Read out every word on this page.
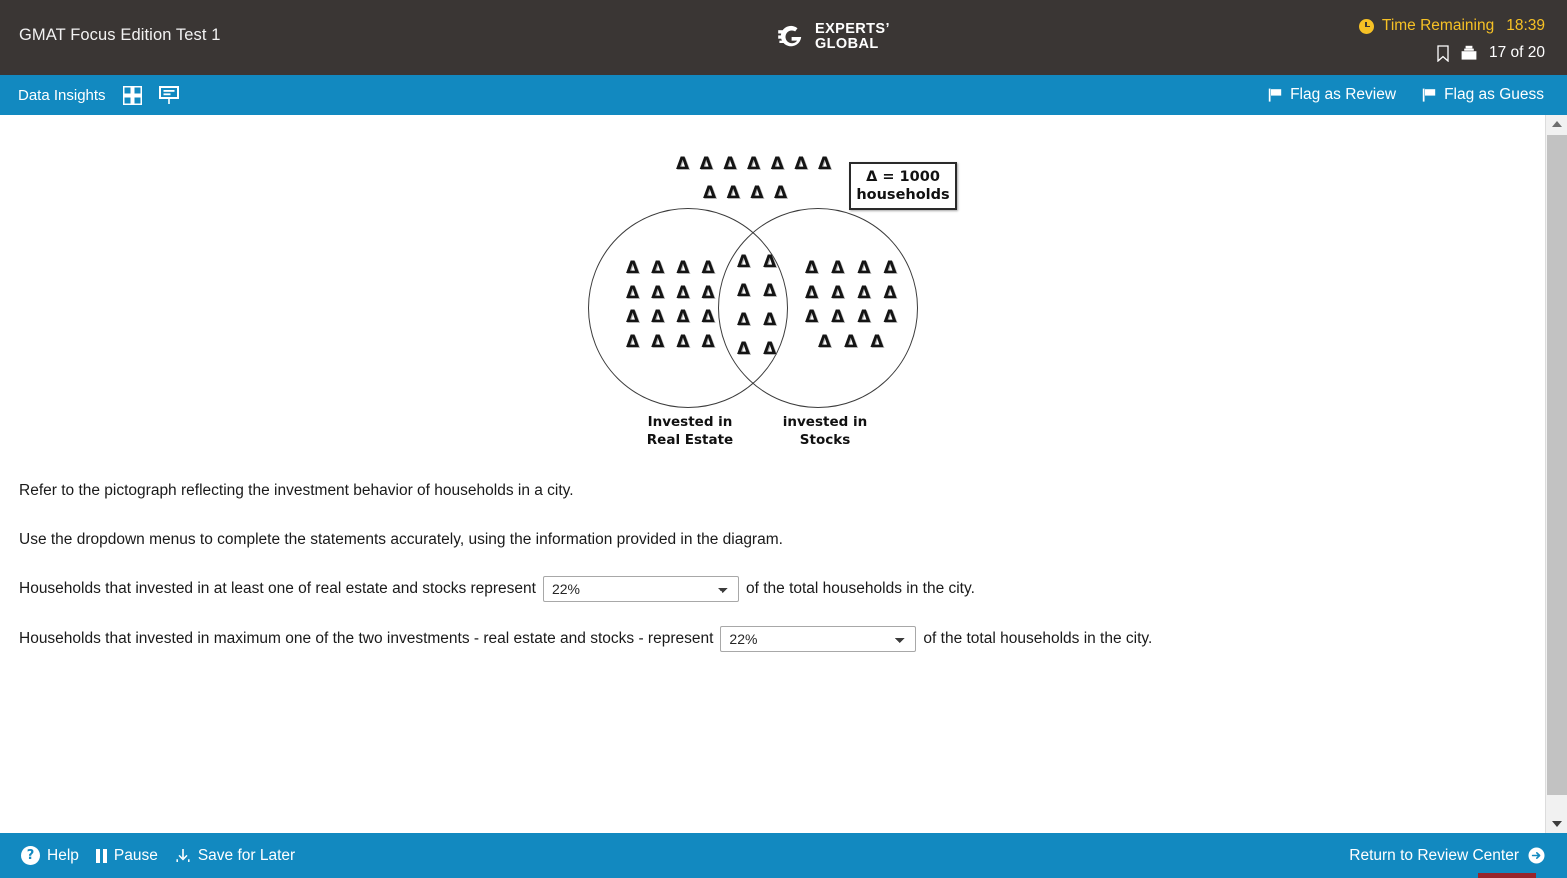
GMAT Focus Edition Test 1	EXPERTS’
GLOBAL
Time Remaining 18:39
17 of 20
Data Insights	Flag as Review	Flag as Guess
Δ Δ Δ Δ Δ Δ Δ
Δ Δ Δ Δ
Δ = 1000
households
Δ Δ Δ Δ
Δ Δ Δ Δ
Δ Δ Δ Δ
Δ Δ Δ Δ
Δ Δ
Δ Δ
Δ Δ
Δ Δ
Δ Δ Δ Δ
Δ Δ Δ Δ
Δ Δ Δ Δ
Δ Δ Δ
Invested in
Real Estate
invested in
Stocks
Refer to the pictograph reflecting the investment behavior of households in a city.
Use the dropdown menus to complete the statements accurately, using the information provided in the diagram.
Households that invested in at least one of real estate and stocks represent
22%	of the total households in the city.
Households that invested in maximum one of the two investments - real estate and stocks - represent
22%	of the total households in the city.
? Help Pause	Save for Later	Return to Review Center
